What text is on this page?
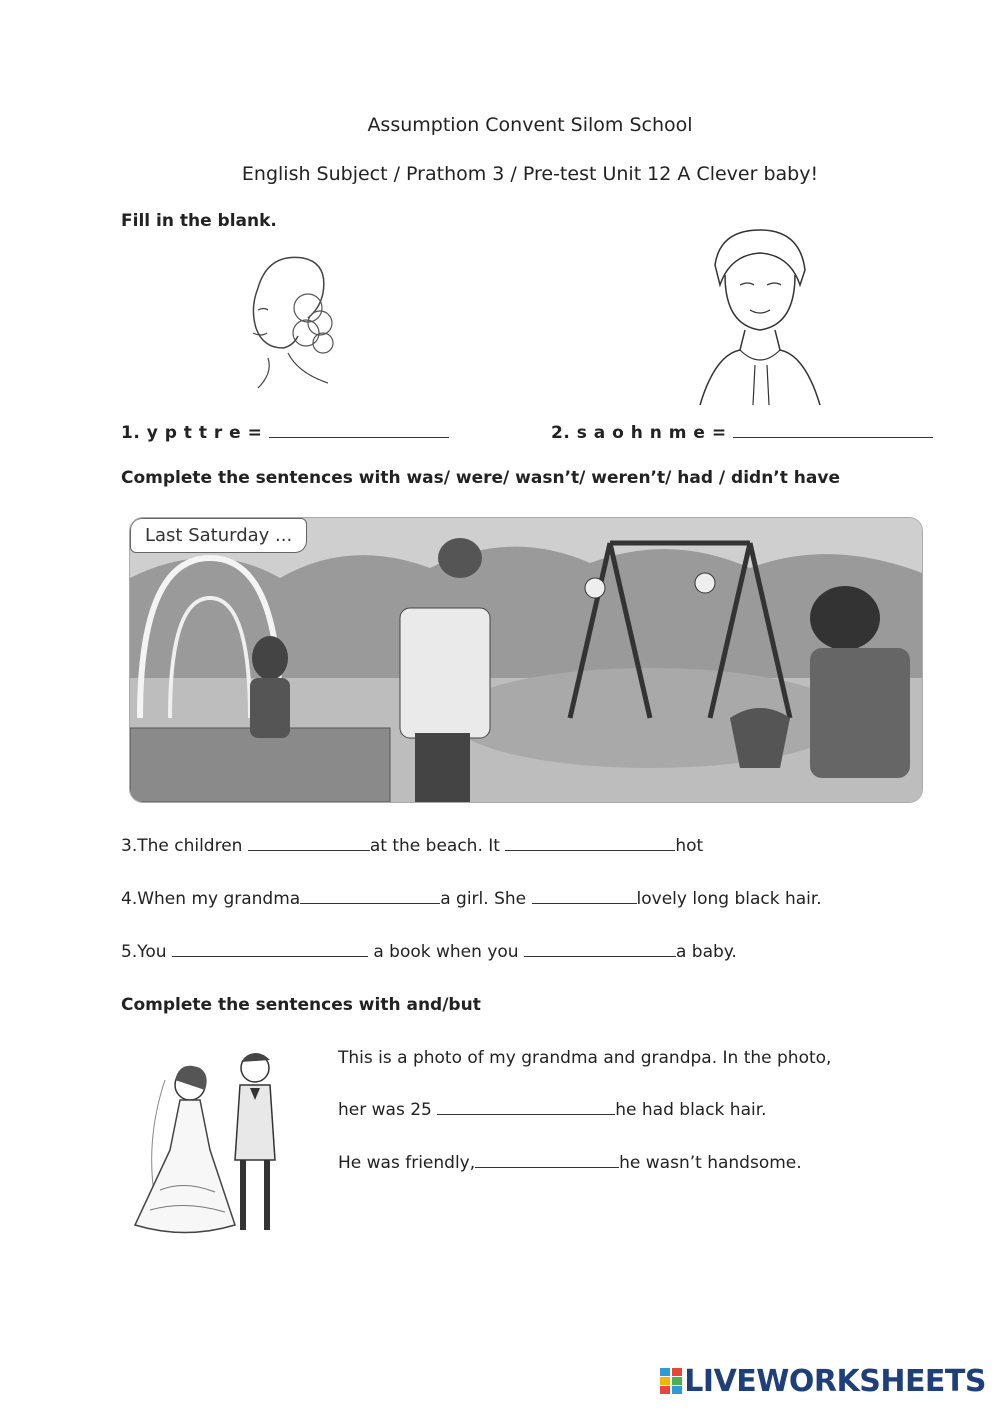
Assumption Convent Silom School
English Subject / Prathom 3 / Pre-test Unit 12 A Clever baby!
Fill in the blank.
1. y p t t r e =	2. s a o h n m e =
Complete the sentences with was/ were/ wasn’t/ weren’t/ had / didn’t have
Last Saturday ...
3.The children	at the beach. It	hot
4.When my grandma	a girl. She	lovely long black hair.
5.You	a book when you	a baby.
Complete the sentences with and/but
This is a photo of my grandma and grandpa. In the photo,
her was 25	he had black hair.
He was friendly,	he wasn’t handsome.
LIVEWORKSHEETS
